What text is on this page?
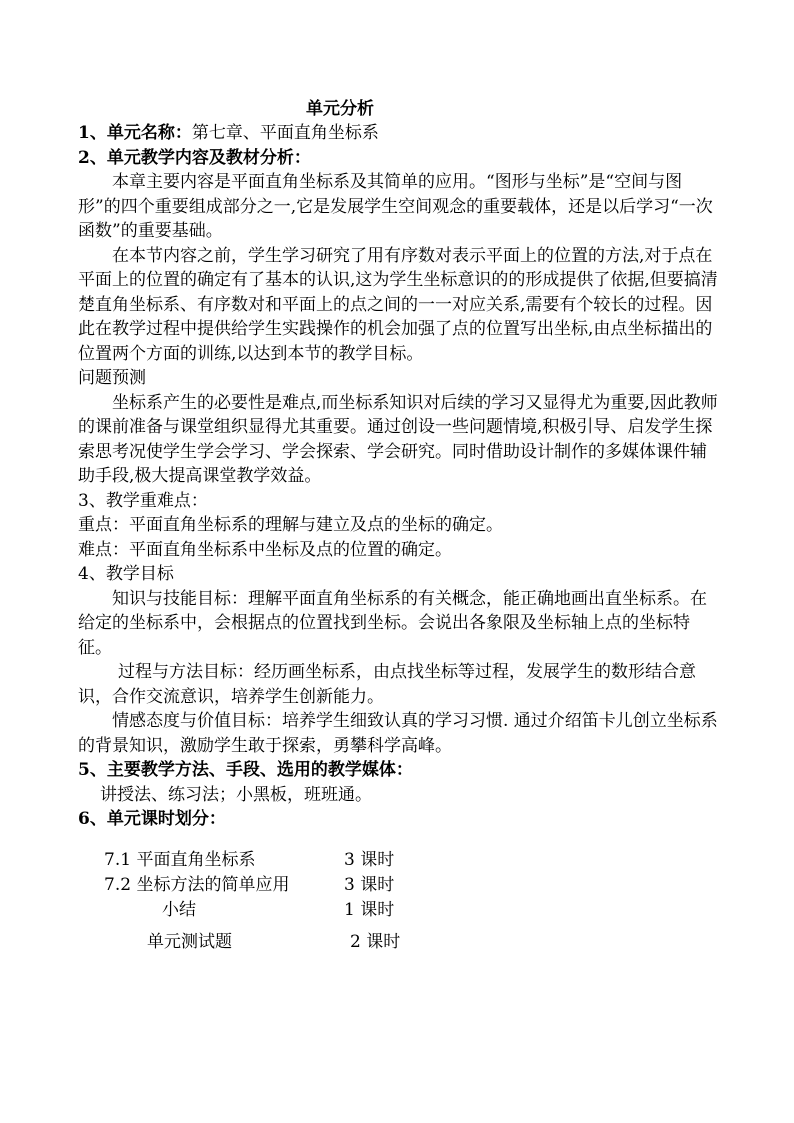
单元分析

1、单元名称：第七章、平面直角坐标系

2、单元教学内容及教材分析：

本章主要内容是平面直角坐标系及其简单的应用。“图形与坐标”是“空间与图形”的四个重要组成部分之一,它是发展学生空间观念的重要载体，还是以后学习“一次函数”的重要基础。

在本节内容之前，学生学习研究了用有序数对表示平面上的位置的方法,对于点在平面上的位置的确定有了基本的认识,这为学生坐标意识的的形成提供了依据,但要搞清楚直角坐标系、有序数对和平面上的点之间的一一对应关系,需要有个较长的过程。因此在教学过程中提供给学生实践操作的机会加强了点的位置写出坐标,由点坐标描出的位置两个方面的训练,以达到本节的教学目标。

问题预测

坐标系产生的必要性是难点,而坐标系知识对后续的学习又显得尤为重要,因此教师的课前准备与课堂组织显得尤其重要。通过创设一些问题情境,积极引导、启发学生探索思考况使学生学会学习、学会探索、学会研究。同时借助设计制作的多媒体课件辅助手段,极大提高课堂教学效益。

3、教学重难点：

重点：平面直角坐标系的理解与建立及点的坐标的确定。

难点：平面直角坐标系中坐标及点的位置的确定。

4、教学目标

知识与技能目标：理解平面直角坐标系的有关概念，能正确地画出直坐标系。在给定的坐标系中，会根据点的位置找到坐标。会说出各象限及坐标轴上点的坐标特征。

过程与方法目标：经历画坐标系，由点找坐标等过程，发展学生的数形结合意识，合作交流意识，培养学生创新能力。

情感态度与价值目标：培养学生细致认真的学习习惯. 通过介绍笛卡儿创立坐标系的背景知识，激励学生敢于探索，勇攀科学高峰。

5、主要教学方法、手段、选用的教学媒体：

讲授法、练习法；小黑板，班班通。

6、单元课时划分：

7.1 平面直角坐标系	3 课时
7.2 坐标方法的简单应用	3 课时
小结	1 课时
单元测试题	2 课时
